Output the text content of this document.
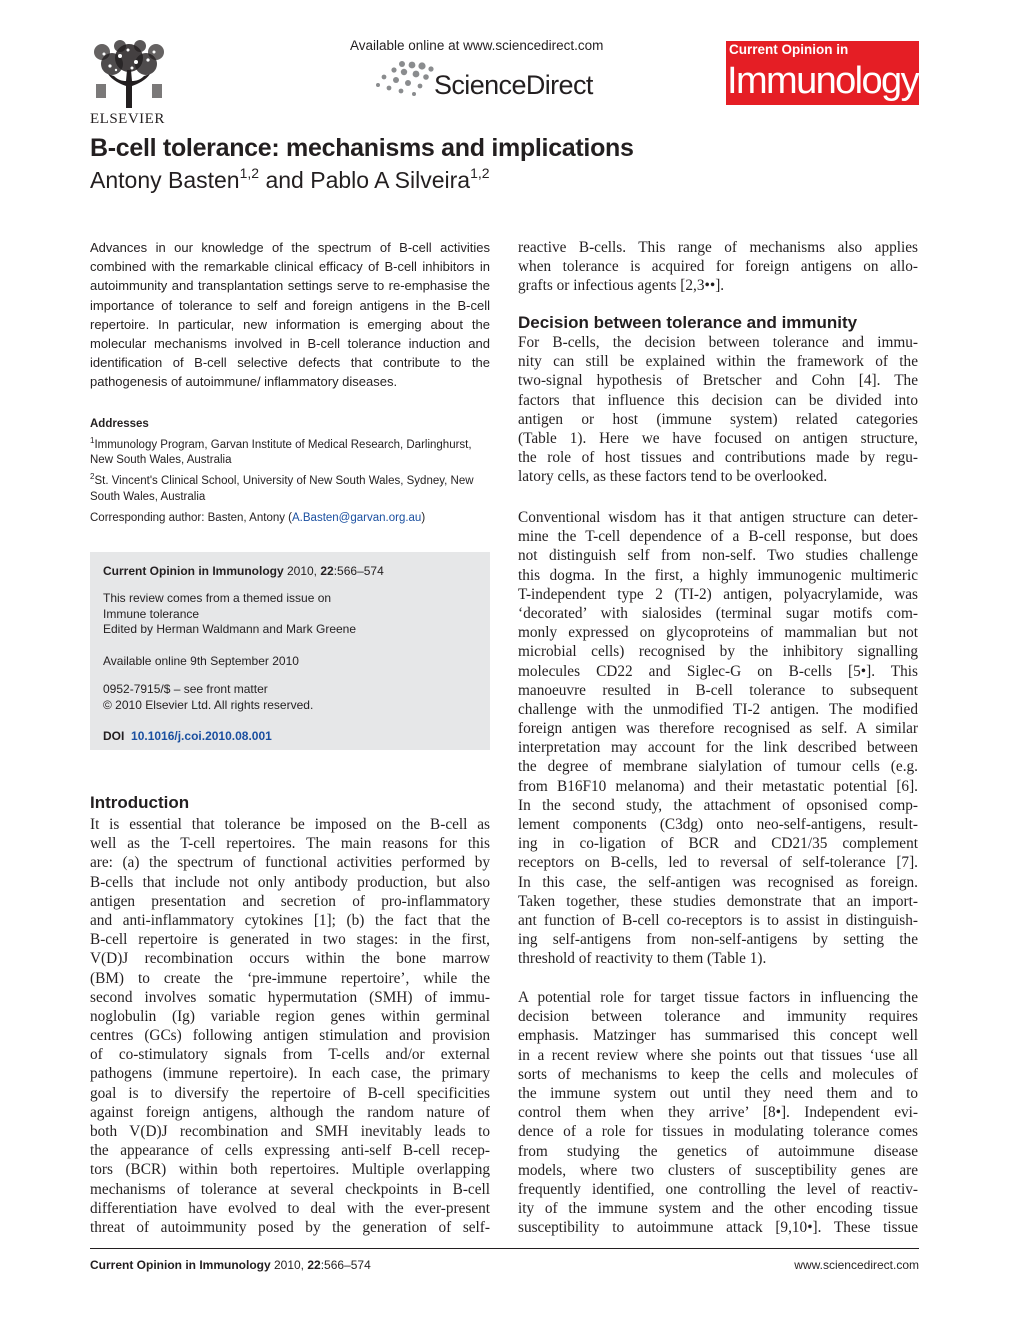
ELSEVIER
Available online at www.sciencedirect.com
ScienceDirect
Current Opinion in
Immunology
B-cell tolerance: mechanisms and implications
Antony Basten$^{1,2}$ and Pablo A Silveira$^{1,2}$
Advances in our knowledge of the spectrum of B-cell activities combined with the remarkable clinical efficacy of B-cell inhibitors in autoimmunity and transplantation settings serve to re-emphasise the importance of tolerance to self and foreign antigens in the B-cell repertoire. In particular, new information is emerging about the molecular mechanisms involved in B-cell tolerance induction and identification of B-cell selective defects that contribute to the pathogenesis of autoimmune/ inflammatory diseases.
Addresses
$^1$Immunology Program, Garvan Institute of Medical Research, Darlinghurst, New South Wales, Australia
$^2$St. Vincent's Clinical School, University of New South Wales, Sydney, New South Wales, Australia
Corresponding author: Basten, Antony (A.Basten@garvan.org.au)
Current Opinion in Immunology 2010, 22:566–574
This review comes from a themed issue on
Immune tolerance
Edited by Herman Waldmann and Mark Greene
Available online 9th September 2010
0952-7915/$ – see front matter
© 2010 Elsevier Ltd. All rights reserved.
DOI 10.1016/j.coi.2010.08.001
Introduction
It is essential that tolerance be imposed on the B-cell as
well as the T-cell repertoires. The main reasons for this
are: (a) the spectrum of functional activities performed by
B-cells that include not only antibody production, but also
antigen presentation and secretion of pro-inflammatory
and anti-inflammatory cytokines [1]; (b) the fact that the
B-cell repertoire is generated in two stages: in the first,
V(D)J recombination occurs within the bone marrow
(BM) to create the ‘pre-immune repertoire’, while the
second involves somatic hypermutation (SMH) of immu-
noglobulin (Ig) variable region genes within germinal
centres (GCs) following antigen stimulation and provision
of co-stimulatory signals from T-cells and/or external
pathogens (immune repertoire). In each case, the primary
goal is to diversify the repertoire of B-cell specificities
against foreign antigens, although the random nature of
both V(D)J recombination and SMH inevitably leads to
the appearance of cells expressing anti-self B-cell recep-
tors (BCR) within both repertoires. Multiple overlapping
mechanisms of tolerance at several checkpoints in B-cell
differentiation have evolved to deal with the ever-present
threat of autoimmunity posed by the generation of self-
reactive B-cells. This range of mechanisms also applies
when tolerance is acquired for foreign antigens on allo-
grafts or infectious agents [2,3••].
Decision between tolerance and immunity
For B-cells, the decision between tolerance and immu-
nity can still be explained within the framework of the
two-signal hypothesis of Bretscher and Cohn [4]. The
factors that influence this decision can be divided into
antigen or host (immune system) related categories
(Table 1). Here we have focused on antigen structure,
the role of host tissues and contributions made by regu-
latory cells, as these factors tend to be overlooked.
Conventional wisdom has it that antigen structure can deter-
mine the T-cell dependence of a B-cell response, but does
not distinguish self from non-self. Two studies challenge
this dogma. In the first, a highly immunogenic multimeric
T-independent type 2 (TI-2) antigen, polyacrylamide, was
‘decorated’ with sialosides (terminal sugar motifs com-
monly expressed on glycoproteins of mammalian but not
microbial cells) recognised by the inhibitory signalling
molecules CD22 and Siglec-G on B-cells [5•]. This
manoeuvre resulted in B-cell tolerance to subsequent
challenge with the unmodified TI-2 antigen. The modified
foreign antigen was therefore recognised as self. A similar
interpretation may account for the link described between
the degree of membrane sialylation of tumour cells (e.g.
from B16F10 melanoma) and their metastatic potential [6].
In the second study, the attachment of opsonised comp-
lement components (C3dg) onto neo-self-antigens, result-
ing in co-ligation of BCR and CD21/35 complement
receptors on B-cells, led to reversal of self-tolerance [7].
In this case, the self-antigen was recognised as foreign.
Taken together, these studies demonstrate that an import-
ant function of B-cell co-receptors is to assist in distinguish-
ing self-antigens from non-self-antigens by setting the
threshold of reactivity to them (Table 1).
A potential role for target tissue factors in influencing the
decision between tolerance and immunity requires
emphasis. Matzinger has summarised this concept well
in a recent review where she points out that tissues ‘use all
sorts of mechanisms to keep the cells and molecules of
the immune system out until they need them and to
control them when they arrive’ [8•]. Independent evi-
dence of a role for tissues in modulating tolerance comes
from studying the genetics of autoimmune disease
models, where two clusters of susceptibility genes are
frequently identified, one controlling the level of reactiv-
ity of the immune system and the other encoding tissue
susceptibility to autoimmune attack [9,10•]. These tissue
Current Opinion in Immunology 2010, 22:566–574	www.sciencedirect.com
